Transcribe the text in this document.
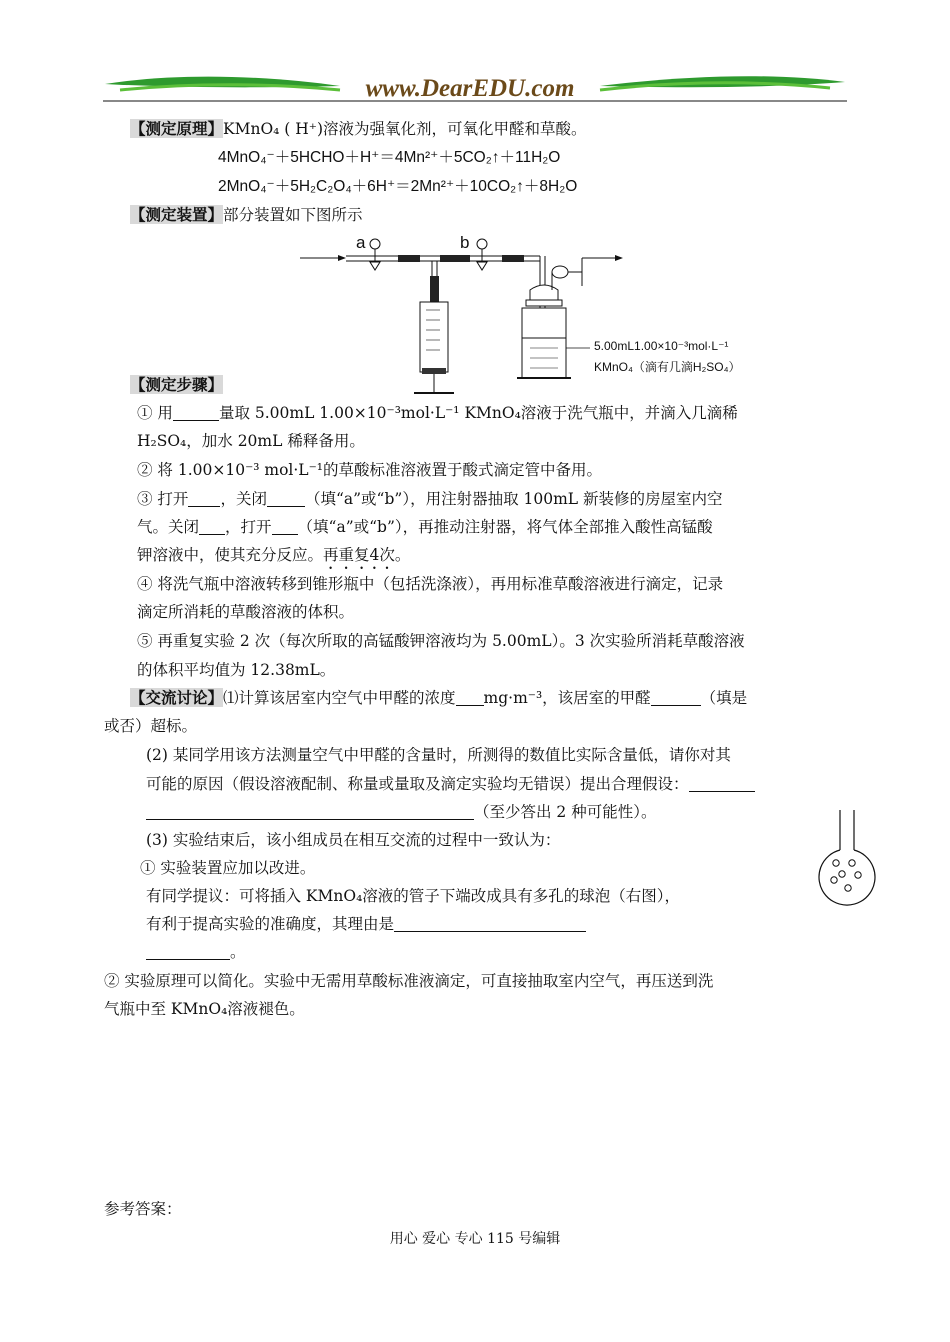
www.DearEDU.com
【测定原理】KMnO₄ ( H⁺)溶液为强氧化剂，可氧化甲醛和草酸。
4MnO₄⁻＋5HCHO＋H⁺＝4Mn²⁺＋5CO₂↑＋11H₂O
2MnO₄⁻＋5H₂C₂O₄＋6H⁺＝2Mn²⁺＋10CO₂↑＋8H₂O
【测定装置】部分装置如下图所示
a	b
5.00mL1.00×10⁻³mol·L⁻¹
KMnO₄（滴有几滴H₂SO₄）
【测定步骤】
① 用	量取 5.00mL 1.00×10⁻³mol·L⁻¹ KMnO₄溶液于洗气瓶中，并滴入几滴稀
H₂SO₄，加水 20mL 稀释备用。
② 将 1.00×10⁻³ mol·L⁻¹的草酸标准溶液置于酸式滴定管中备用。
③ 打开 ，关闭 （填“a”或“b”），用注射器抽取 100mL 新装修的房屋室内空
气。关闭 ，打开 （填“a”或“b”），再推动注射器，将气体全部推入酸性高锰酸
钾溶液中，使其充分反应。再重复4次。
④ 将洗气瓶中溶液转移到锥形瓶中（包括洗涤液），再用标准草酸溶液进行滴定，记录
滴定所消耗的草酸溶液的体积。
⑤ 再重复实验 2 次（每次所取的高锰酸钾溶液均为 5.00mL）。3 次实验所消耗草酸溶液
的体积平均值为 12.38mL。
【交流讨论】⑴计算该居室内空气中甲醛的浓度 mg·m⁻³，该居室的甲醛	（填是
或否）超标。
(2) 某同学用该方法测量空气中甲醛的含量时，所测得的数值比实际含量低，请你对其
可能的原因（假设溶液配制、称量或量取及滴定实验均无错误）提出合理假设：
（至少答出 2 种可能性）。
(3) 实验结束后，该小组成员在相互交流的过程中一致认为：
① 实验装置应加以改进。
有同学提议：可将插入 KMnO₄溶液的管子下端改成具有多孔的球泡（右图），
有利于提高实验的准确度，其理由是
。
② 实验原理可以简化。实验中无需用草酸标准液滴定，可直接抽取室内空气，再压送到洗
气瓶中至 KMnO₄溶液褪色。
参考答案：
用心 爱心 专心 115 号编辑
